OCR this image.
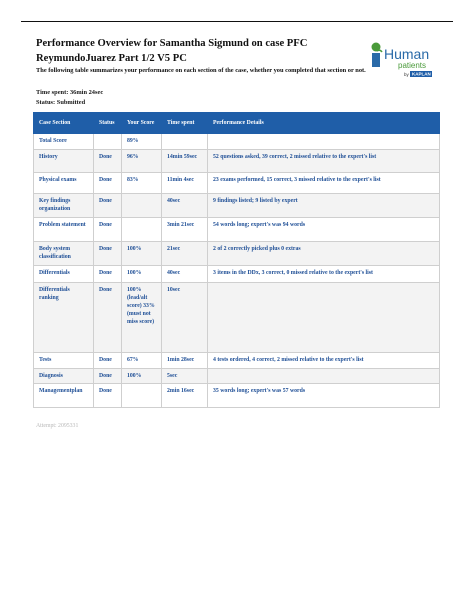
Performance Overview for Samantha Sigmund on case PFC ReymundoJuarez Part 1/2 V5 PC	Human
patients
by KAPLAN
The following table summarizes your performance on each section of the case, whether you completed that section or not.
Time spent: 36min 24sec
Status: Submitted
Case Section	Status	Your Score	Time spent	Performance Details
Total Score		89%		
History	Done	96%	14min 59sec	52 questions asked, 39 correct, 2 missed relative to the expert's list
Physical exams	Done	83%	11min 4sec	23 exams performed, 15 correct, 3 missed relative to the expert's list
Key findings organization	Done		40sec	9 findings listed; 9 listed by expert
Problem statement	Done		3min 21sec	54 words long; expert's was 94 words
Body system classification	Done	100%	21sec	2 of 2 correctly picked plus 0 extras
Differentials	Done	100%	40sec	3 items in the DDx, 3 correct, 0 missed relative to the expert's list
Differentials ranking	Done	100% (lead/alt score) 33% (must not miss score)	10sec	
Tests	Done	67%	1min 28sec	4 tests ordered, 4 correct, 2 missed relative to the expert's list
Diagnosis	Done	100%	5sec	
Managementplan	Done		2min 16sec	35 words long; expert's was 57 words
Attempt: 2095331
